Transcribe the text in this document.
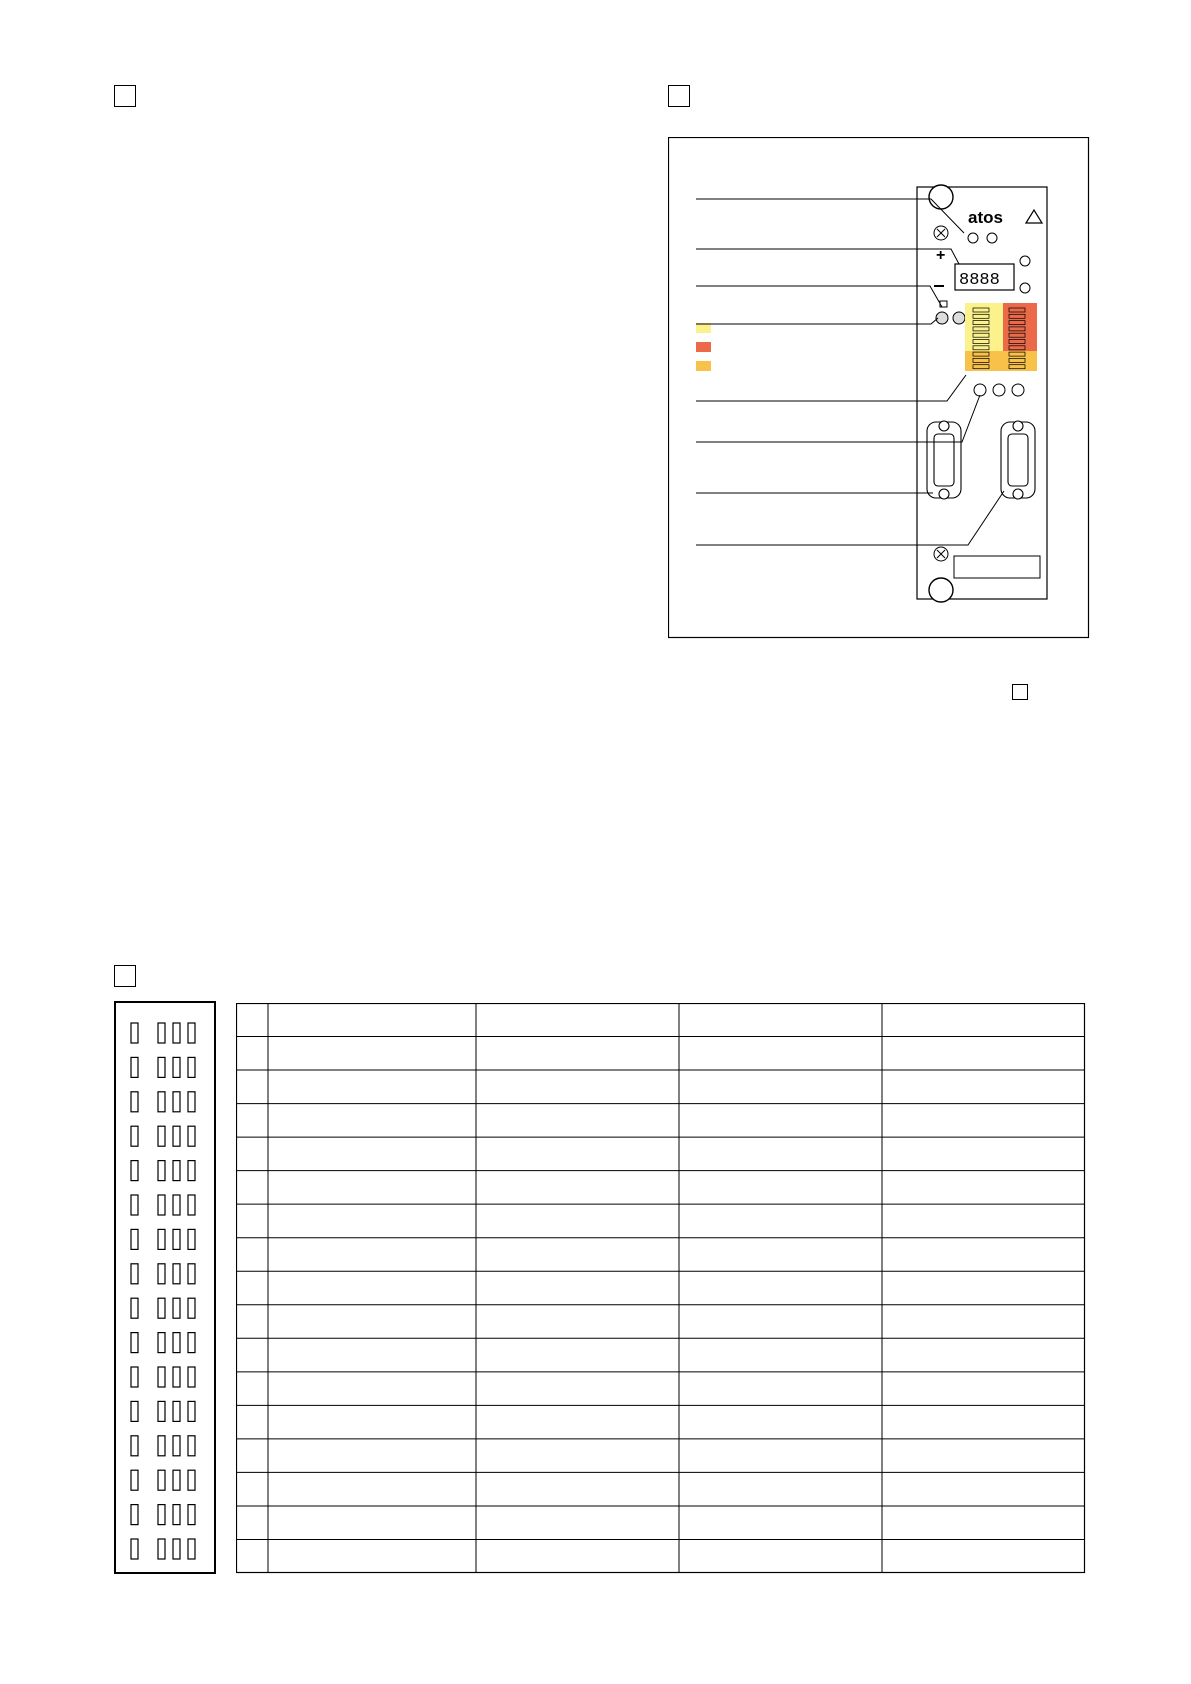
atos
8888
+
